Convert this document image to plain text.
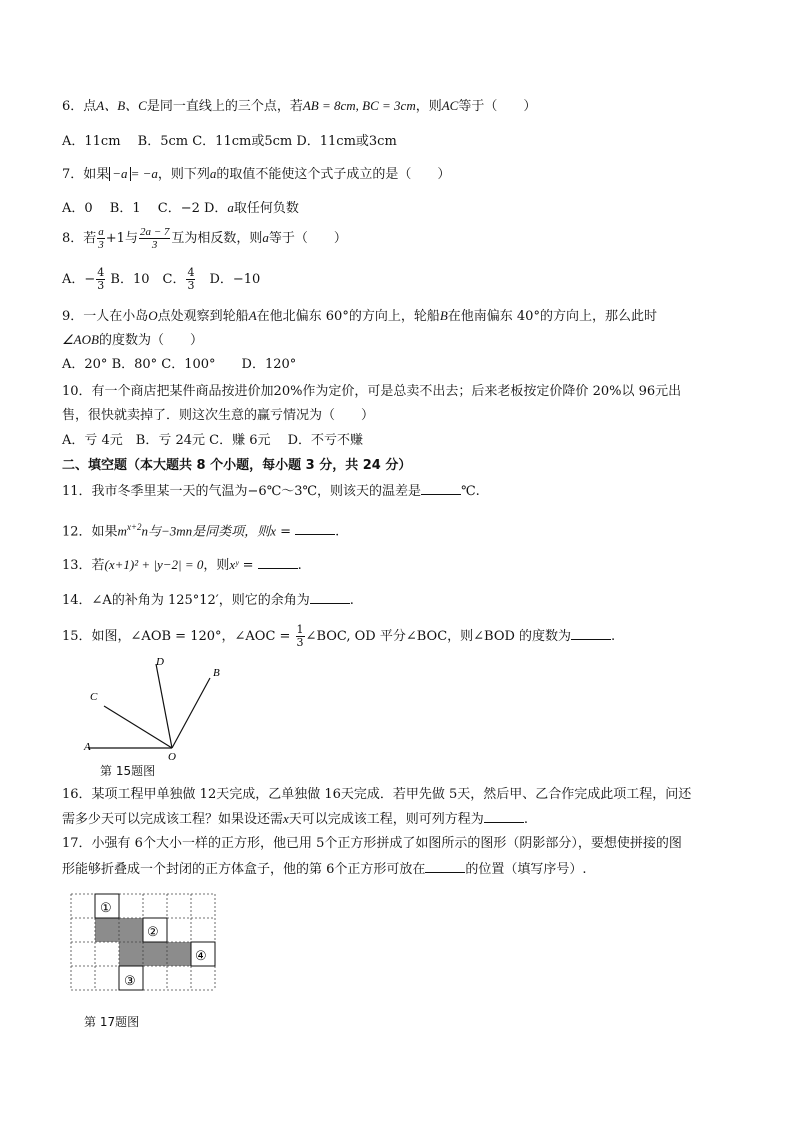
6．点A、B、C是同一直线上的三个点，若AB = 8cm, BC = 3cm，则AC等于（　　）
A．11cm　 B．5cm C．11cm或5cm D．11cm或3cm
7．如果 −a = −a，则下列a的取值不能使这个式子成立的是（　　）
A．0　 B．1　 C．−2 D．a取任何负数
8．若 $\frac{a}{3} +1$与 $\frac{2a - 7}{3}$ 互为相反数，则a等于（　　）
A．− $\frac{4}{3}$ B．10　C． $\frac{4}{3}$ 　D．−10
9．一人在小岛O点处观察到轮船A在他北偏东 60°的方向上，轮船B在他南偏东 40°的方向上，那么此时
∠AOB的度数为（　　）
A．20° B．80° C．100°　　D．120°
10．有一个商店把某件商品按进价加20%作为定价，可是总卖不出去；后来老板按定价降价 20%以 96元出
售，很快就卖掉了．则这次生意的赢亏情况为（　　）
A．亏 4元　B．亏 24元 C．赚 6元　 D．不亏不赚
二、填空题（本大题共 8 个小题，每小题 3 分，共 24 分）
11．我市冬季里某一天的气温为−6℃～3℃，则该天的温差是	℃.
12．如果$m^{x+2}n$与−3mn是同类项，则x =	.
13．若(x+1)² + |y−2| = 0，则xʸ =	.
14．∠A的补角为 125°12′，则它的余角为	.
15．如图，∠AOB = 120°，∠AOC = $\frac{1}{3}$ ∠BOC, OD 平分∠BOC，则∠BOD 的度数为	.
D
B
C
A
O
第 15题图
16．某项工程甲单独做 12天完成，乙单独做 16天完成．若甲先做 5天，然后甲、乙合作完成此项工程，问还
需多少天可以完成该工程？如果设还需x天可以完成该工程，则可列方程为	.
17．小强有 6个大小一样的正方形，他已用 5个正方形拼成了如图所示的图形（阴影部分），要想使拼接的图
形能够折叠成一个封闭的正方体盒子，他的第 6个正方形可放在	的位置（填写序号）.
①
②
③
④
第 17题图
